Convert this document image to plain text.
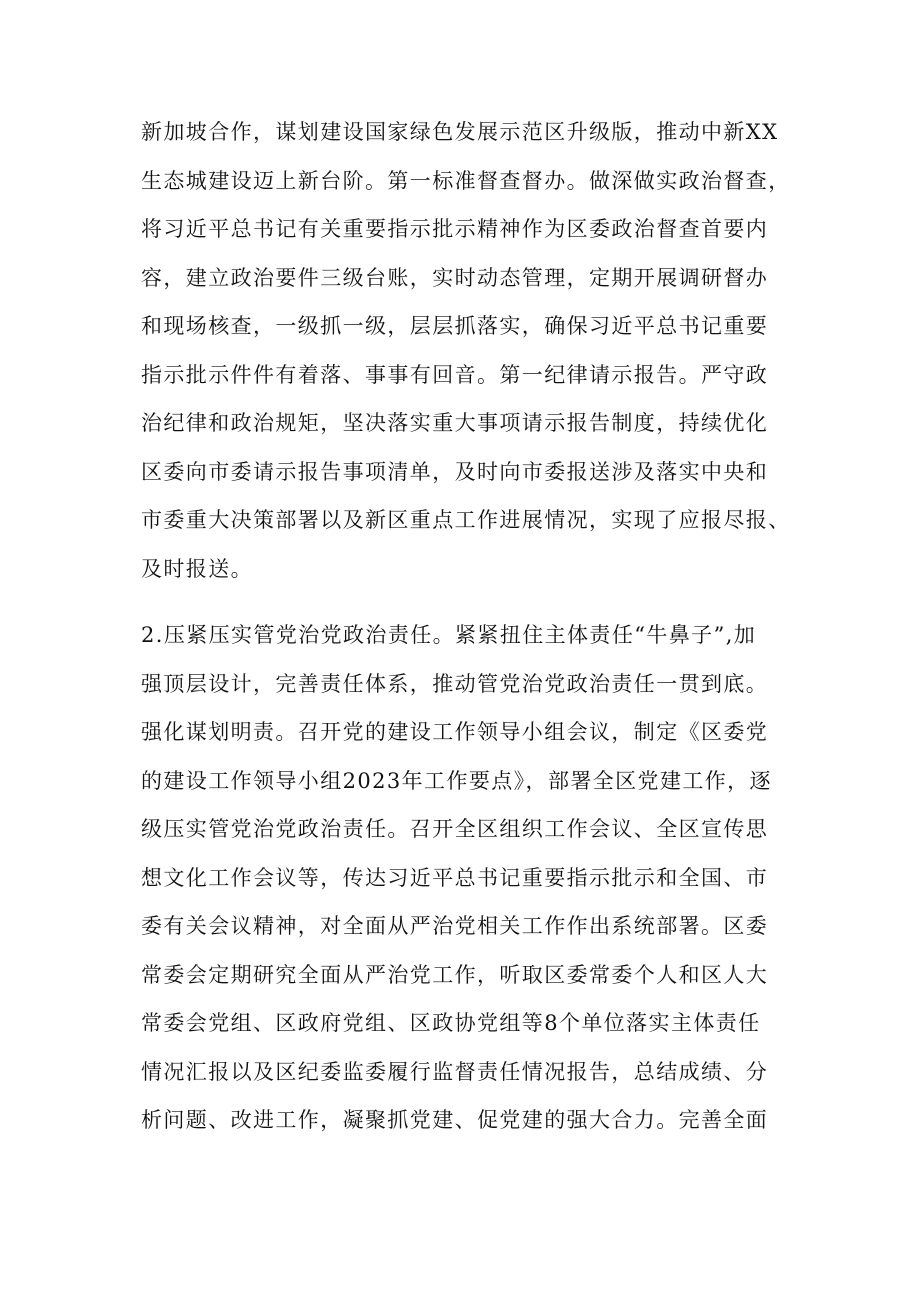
新加坡合作，谋划建设国家绿色发展示范区升级版，推动中新XX
生态城建设迈上新台阶。第一标准督查督办。做深做实政治督查，
将习近平总书记有关重要指示批示精神作为区委政治督查首要内
容，建立政治要件三级台账，实时动态管理，定期开展调研督办
和现场核查，一级抓一级，层层抓落实，确保习近平总书记重要
指示批示件件有着落、事事有回音。第一纪律请示报告。严守政
治纪律和政治规矩，坚决落实重大事项请示报告制度，持续优化
区委向市委请示报告事项清单，及时向市委报送涉及落实中央和
市委重大决策部署以及新区重点工作进展情况，实现了应报尽报、
及时报送。
2.压紧压实管党治党政治责任。紧紧扭住主体责任“牛鼻子”,加
强顶层设计，完善责任体系，推动管党治党政治责任一贯到底。
强化谋划明责。召开党的建设工作领导小组会议，制定《区委党
的建设工作领导小组2023年工作要点》，部署全区党建工作，逐
级压实管党治党政治责任。召开全区组织工作会议、全区宣传思
想文化工作会议等，传达习近平总书记重要指示批示和全国、市
委有关会议精神，对全面从严治党相关工作作出系统部署。区委
常委会定期研究全面从严治党工作，听取区委常委个人和区人大
常委会党组、区政府党组、区政协党组等8个单位落实主体责任
情况汇报以及区纪委监委履行监督责任情况报告，总结成绩、分
析问题、改进工作，凝聚抓党建、促党建的强大合力。完善全面
